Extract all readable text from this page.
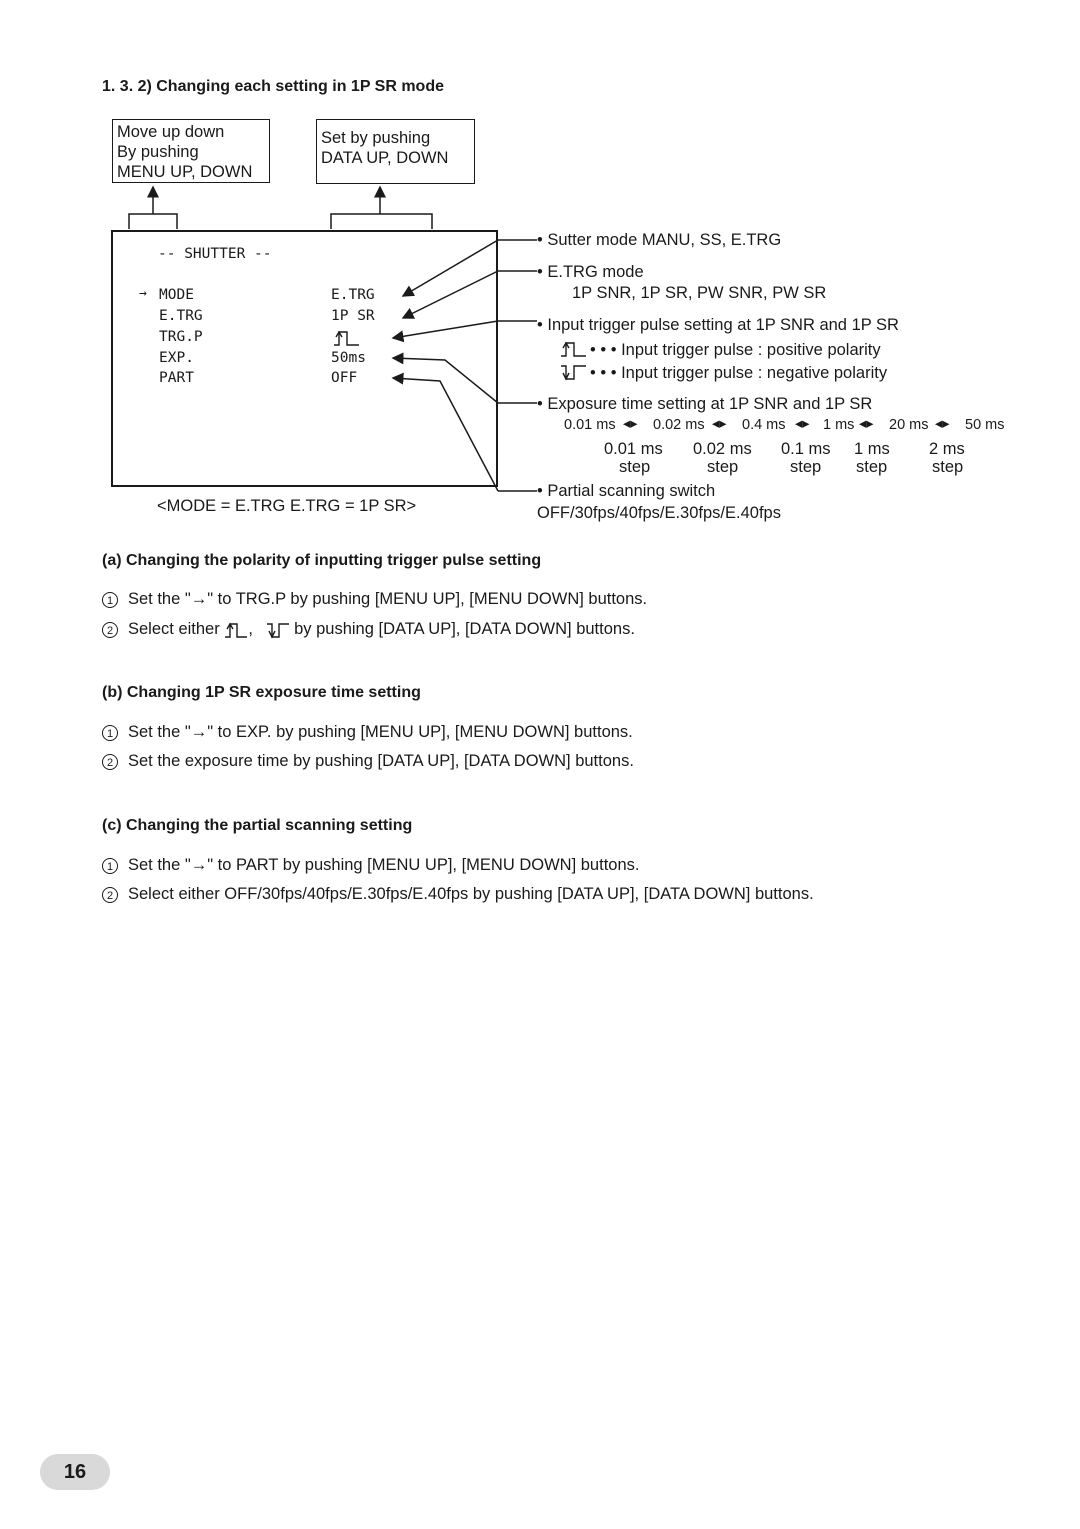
1. 3. 2) Changing each setting in 1P SR mode
Move up down
By pushing
MENU UP, DOWN
Set by pushing
DATA UP, DOWN
-- SHUTTER --
→ MODE	E.TRG
E.TRG	1P SR
TRG.P
EXP.	50ms
PART	OFF
<MODE = E.TRG E.TRG = 1P SR>
• Sutter mode MANU, SS, E.TRG
• E.TRG mode
1P SNR, 1P SR, PW SNR, PW SR
• Input trigger pulse setting at 1P SNR and 1P SR
• • • Input trigger pulse : positive polarity
• • • Input trigger pulse : negative polarity
• Exposure time setting at 1P SNR and 1P SR
0.01 ms ◂▸ 0.02 ms ◂▸ 0.4 ms ◂▸ 1 ms ◂▸ 20 ms ◂▸ 50 ms
0.01 ms
step
0.02 ms
step
0.1 ms
step
1 ms
step
2 ms
step
• Partial scanning switch
OFF/30fps/40fps/E.30fps/E.40fps
(a) Changing the polarity of inputting trigger pulse setting
1 Set the "→" to TRG.P by pushing [MENU UP], [MENU DOWN] buttons.
2 Select either , by pushing [DATA UP], [DATA DOWN] buttons.
(b) Changing 1P SR exposure time setting
1 Set the "→" to EXP. by pushing [MENU UP], [MENU DOWN] buttons.
2 Set the exposure time by pushing [DATA UP], [DATA DOWN] buttons.
(c) Changing the partial scanning setting
1 Set the "→" to PART by pushing [MENU UP], [MENU DOWN] buttons.
2 Select either OFF/30fps/40fps/E.30fps/E.40fps by pushing [DATA UP], [DATA DOWN] buttons.
16
